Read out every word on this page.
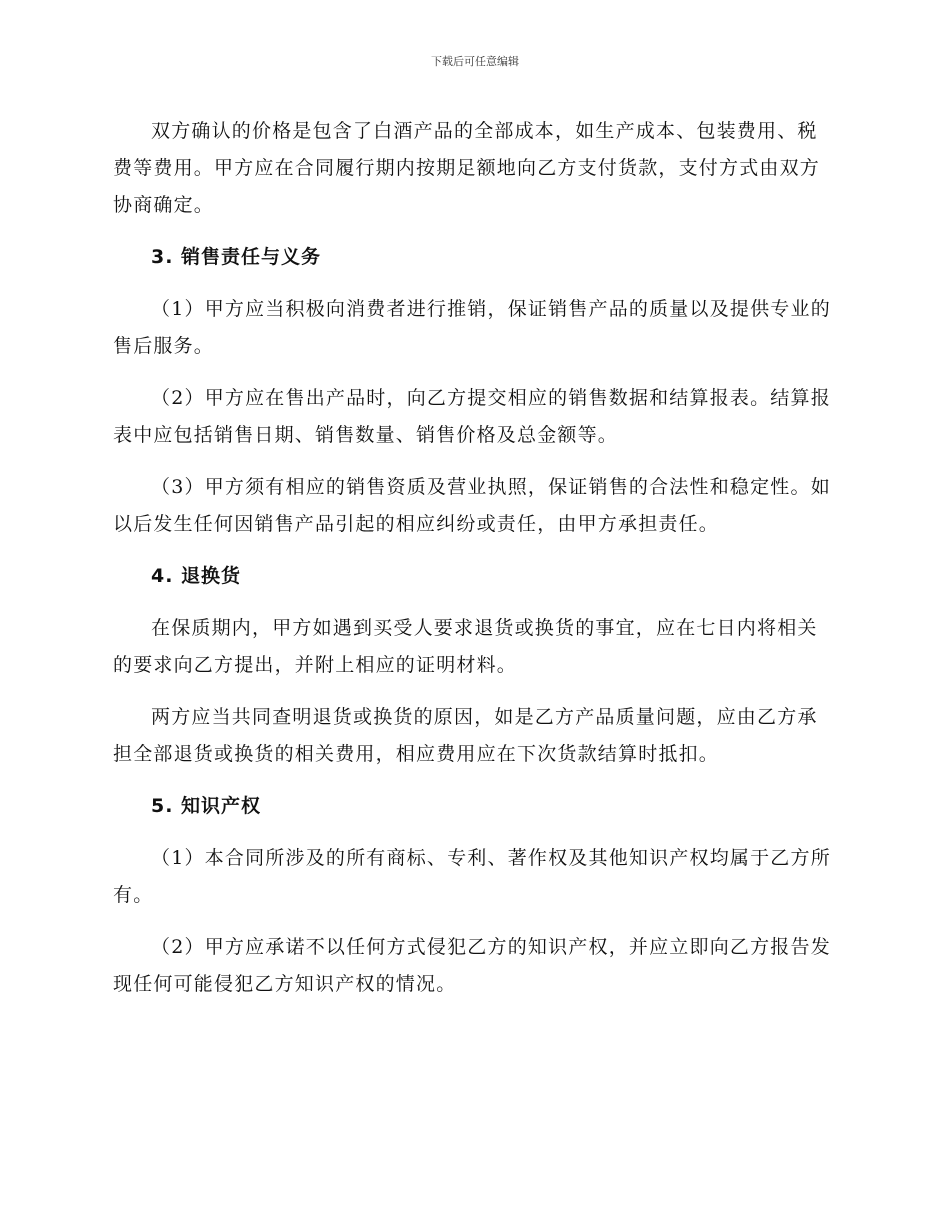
下载后可任意编辑

双方确认的价格是包含了白酒产品的全部成本，如生产成本、包装费用、税费等费用。甲方应在合同履行期内按期足额地向乙方支付货款，支付方式由双方协商确定。

3. 销售责任与义务

（1）甲方应当积极向消费者进行推销，保证销售产品的质量以及提供专业的售后服务。

（2）甲方应在售出产品时，向乙方提交相应的销售数据和结算报表。结算报表中应包括销售日期、销售数量、销售价格及总金额等。

（3）甲方须有相应的销售资质及营业执照，保证销售的合法性和稳定性。如以后发生任何因销售产品引起的相应纠纷或责任，由甲方承担责任。

4. 退换货

在保质期内，甲方如遇到买受人要求退货或换货的事宜，应在七日内将相关的要求向乙方提出，并附上相应的证明材料。

两方应当共同查明退货或换货的原因，如是乙方产品质量问题，应由乙方承担全部退货或换货的相关费用，相应费用应在下次货款结算时抵扣。

5. 知识产权

（1）本合同所涉及的所有商标、专利、著作权及其他知识产权均属于乙方所有。

（2）甲方应承诺不以任何方式侵犯乙方的知识产权，并应立即向乙方报告发现任何可能侵犯乙方知识产权的情况。
